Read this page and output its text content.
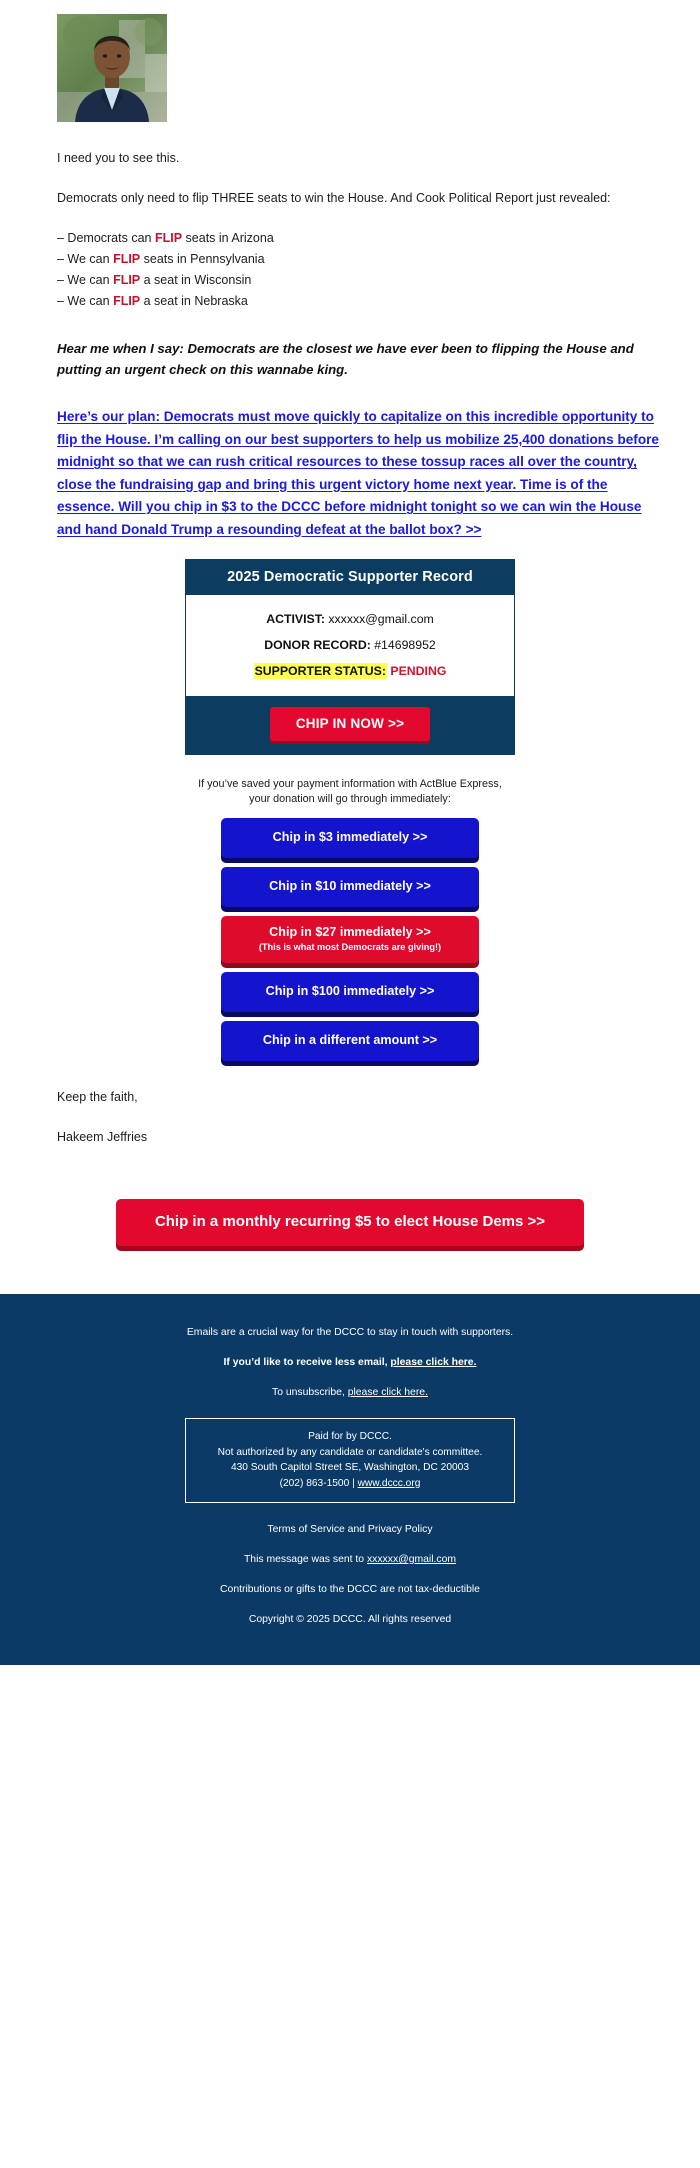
I need you to see this.

Democrats only need to flip THREE seats to win the House. And Cook Political Report just revealed:

– Democrats can FLIP seats in Arizona
– We can FLIP seats in Pennsylvania
– We can FLIP a seat in Wisconsin
– We can FLIP a seat in Nebraska

Hear me when I say: Democrats are the closest we have ever been to flipping the House and putting an urgent check on this wannabe king.

Here’s our plan: Democrats must move quickly to capitalize on this incredible opportunity to flip the House. I’m calling on our best supporters to help us mobilize 25,400 donations before midnight so that we can rush critical resources to these tossup races all over the country, close the fundraising gap and bring this urgent victory home next year. Time is of the essence. Will you chip in $3 to the DCCC before midnight tonight so we can win the House and hand Donald Trump a resounding defeat at the ballot box? >>
2025 Democratic Supporter Record
ACTIVIST: xxxxxx@gmail.com
DONOR RECORD: #14698952
SUPPORTER STATUS: PENDING
CHIP IN NOW >>
If you’ve saved your payment information with ActBlue Express,
your donation will go through immediately:
Chip in $3 immediately >>
Chip in $10 immediately >>
Chip in $27 immediately >>
(This is what most Democrats are giving!)
Chip in $100 immediately >>
Chip in a different amount >>

Keep the faith,

Hakeem Jeffries

Chip in a monthly recurring $5 to elect House Dems >>
Emails are a crucial way for the DCCC to stay in touch with supporters.
If you’d like to receive less email, please click here.
To unsubscribe, please click here.
Paid for by DCCC.
Not authorized by any candidate or candidate's committee.
430 South Capitol Street SE, Washington, DC 20003
(202) 863-1500 | www.dccc.org
Terms of Service and Privacy Policy
This message was sent to xxxxxx@gmail.com
Contributions or gifts to the DCCC are not tax-deductible
Copyright © 2025 DCCC. All rights reserved
